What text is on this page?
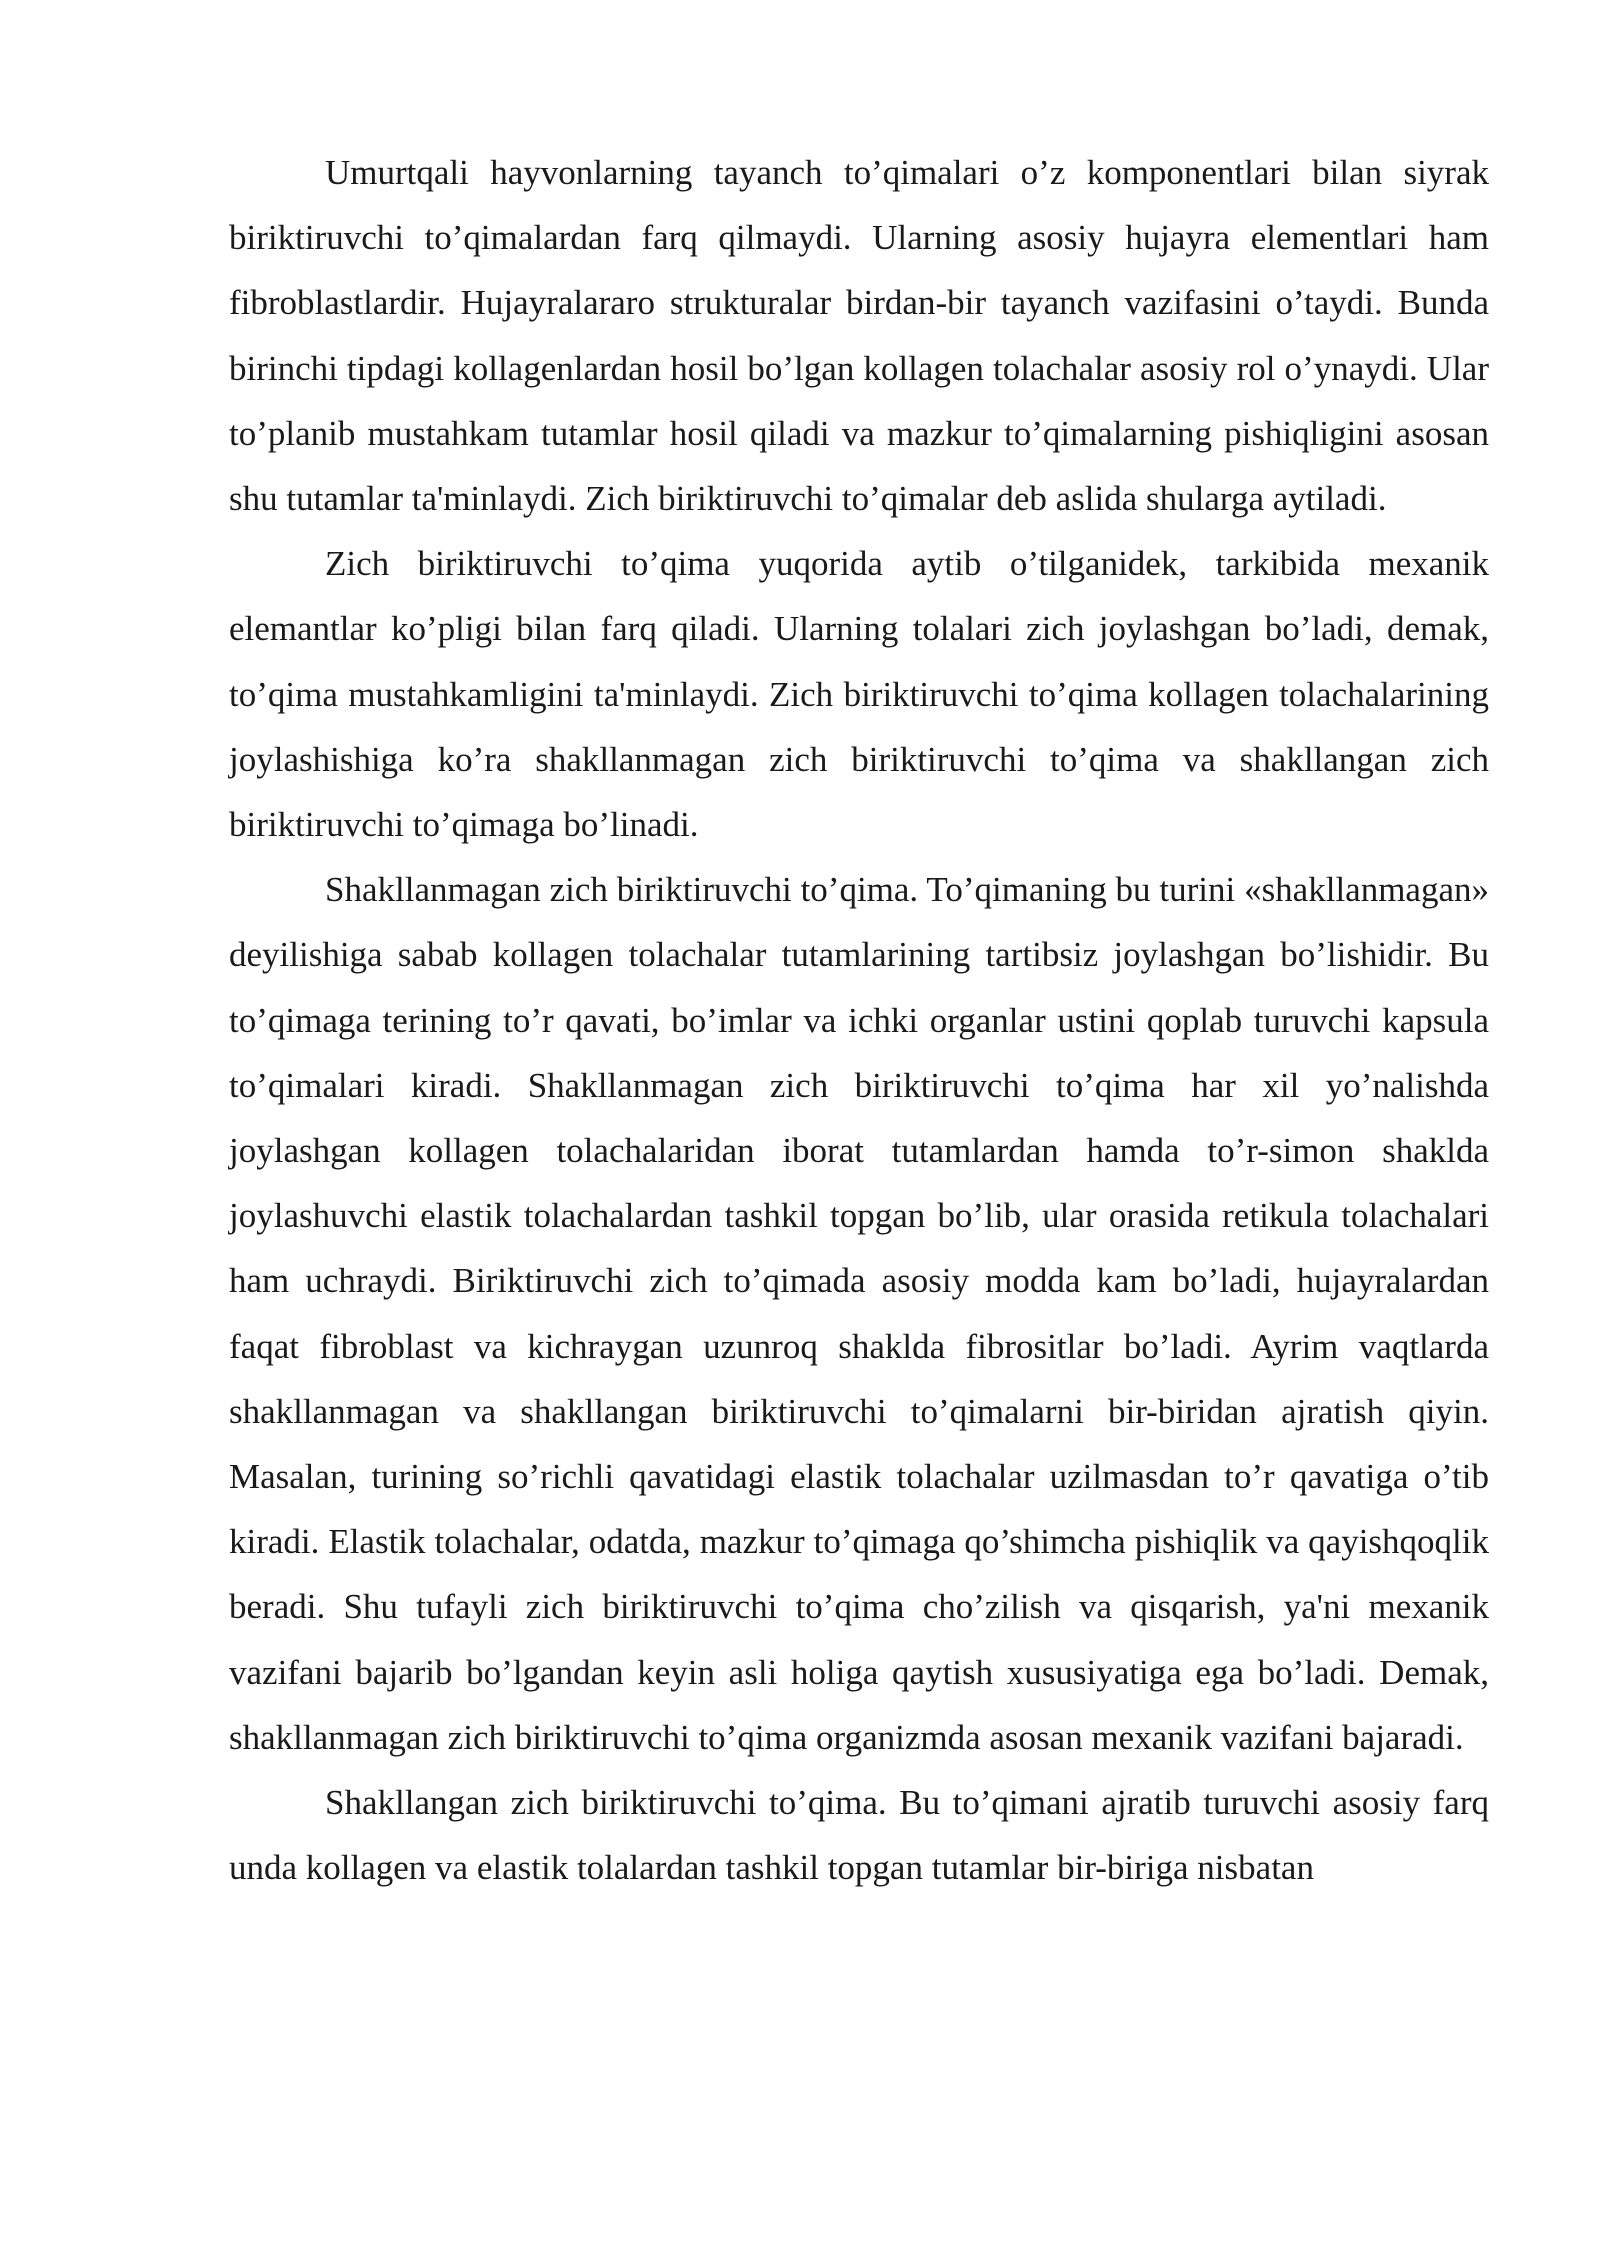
Umurtqali hayvonlarning tayanch to’qimalari o’z komponentlari bilan siyrak biriktiruvchi to’qimalardan farq qilmaydi. Ularning asosiy hujayra elementlari ham fibroblastlardir. Hujayralararo strukturalar birdan-bir tayanch vazifasini o’taydi. Bunda birinchi tipdagi kollagenlardan hosil bo’lgan kollagen tolachalar asosiy rol o’ynaydi. Ular to’planib mustahkam tutamlar hosil qiladi va mazkur to’qimalarning pishiqligini asosan shu tutamlar ta'minlaydi. Zich biriktiruvchi to’qimalar deb aslida shularga aytiladi.

Zich biriktiruvchi to’qima yuqorida aytib o’tilganidek, tarkibida mexanik elemantlar ko’pligi bilan farq qiladi. Ularning tolalari zich joylashgan bo’ladi, demak, to’qima mustahkamligini ta'minlaydi. Zich biriktiruvchi to’qima kollagen tolachalarining joylashishiga ko’ra shakllanmagan zich biriktiruvchi to’qima va shakllangan zich biriktiruvchi to’qimaga bo’linadi.

Shakllanmagan zich biriktiruvchi to’qima. To’qimaning bu turini «shakllanmagan» deyilishiga sabab kollagen tolachalar tutamlarining tartibsiz joylashgan bo’lishidir. Bu to’qimaga terining to’r qavati, bo’imlar va ichki organlar ustini qoplab turuvchi kapsula to’qimalari kiradi. Shakllanmagan zich biriktiruvchi to’qima har xil yo’nalishda joylashgan kollagen tolachalaridan iborat tutamlardan hamda to’r-simon shaklda joylashuvchi elastik tolachalardan tashkil topgan bo’lib, ular orasida retikula tolachalari ham uchraydi. Biriktiruvchi zich to’qimada asosiy modda kam bo’ladi, hujayralardan faqat fibroblast va kichraygan uzunroq shaklda fibrositlar bo’ladi. Ayrim vaqtlarda shakllanmagan va shakllangan biriktiruvchi to’qimalarni bir-biridan ajratish qiyin. Masalan, turining so’richli qavatidagi elastik tolachalar uzilmasdan to’r qavatiga o’tib kiradi. Elastik tolachalar, odatda, mazkur to’qimaga qo’shimcha pishiqlik va qayishqoqlik beradi. Shu tufayli zich biriktiruvchi to’qima cho’zilish va qisqarish, ya'ni mexanik vazifani bajarib bo’lgandan keyin asli holiga qaytish xususiyatiga ega bo’ladi. Demak, shakllanmagan zich biriktiruvchi to’qima organizmda asosan mexanik vazifani bajaradi.

Shakllangan zich biriktiruvchi to’qima. Bu to’qimani ajratib turuvchi asosiy farq unda kollagen va elastik tolalardan tashkil topgan tutamlar bir-biriga nisbatan
